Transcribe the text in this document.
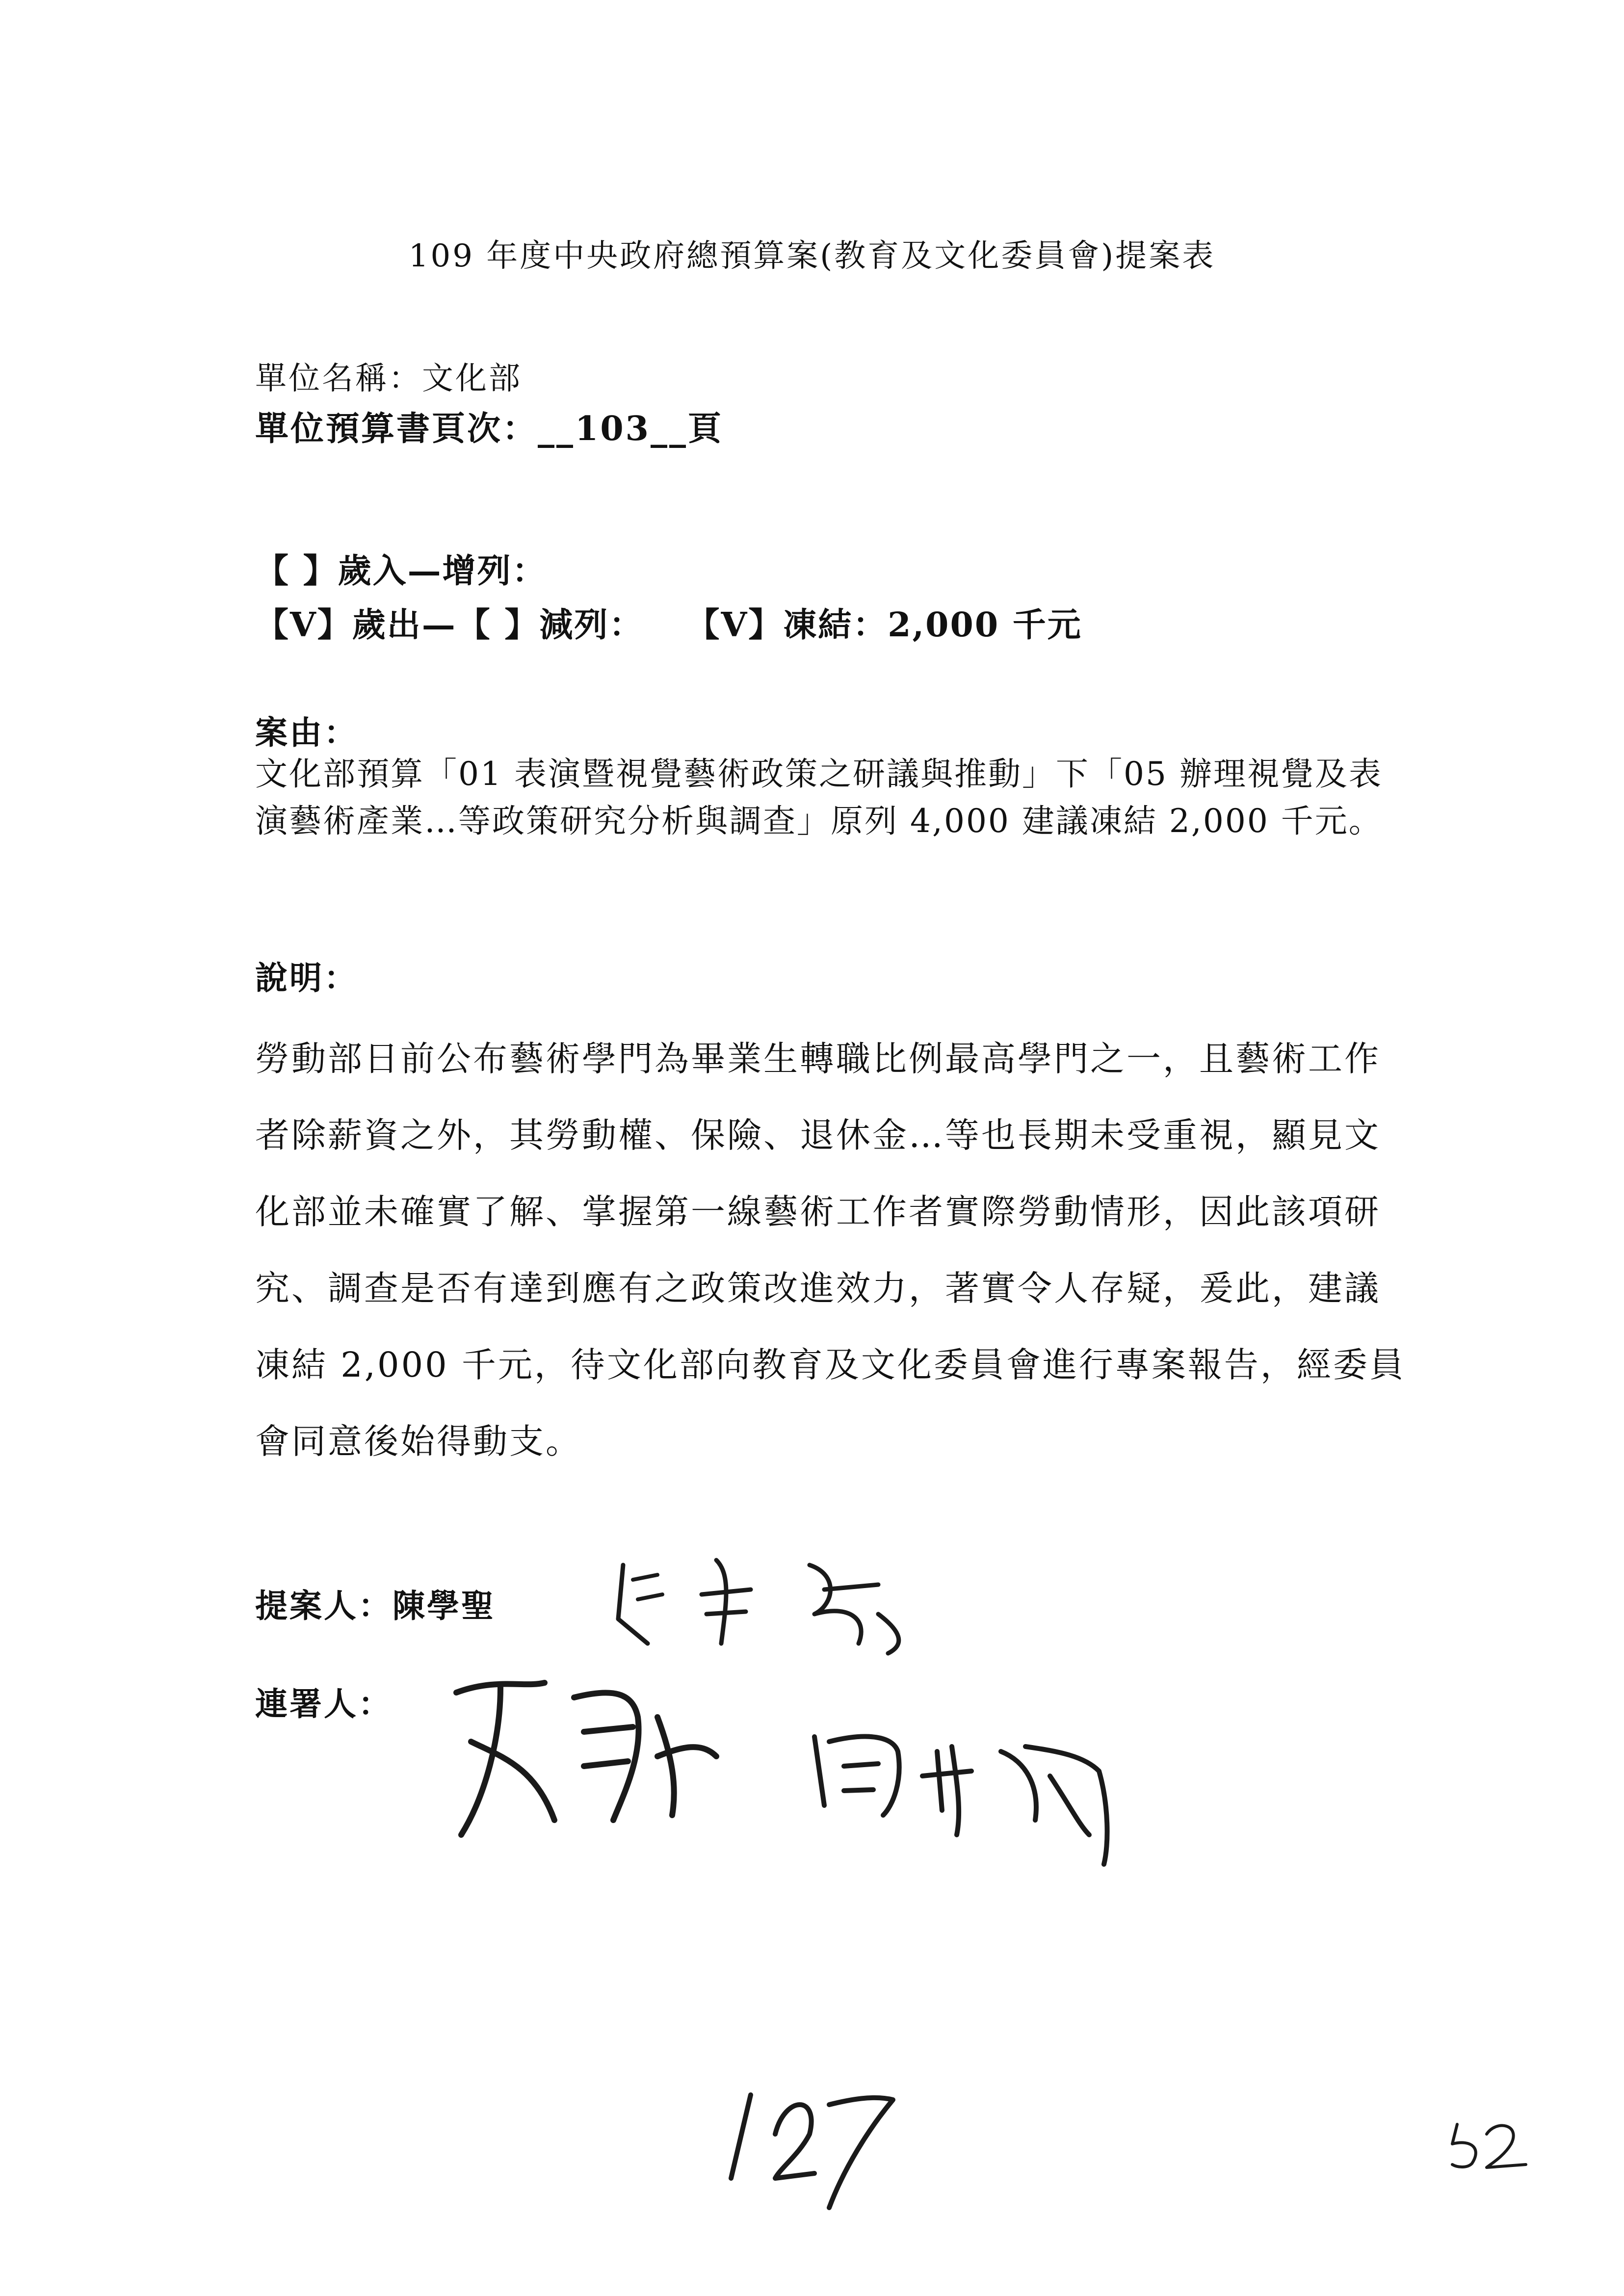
109 年度中央政府總預算案(教育及文化委員會)提案表
單位名稱：文化部
單位預算書頁次：__103__頁
【 】歲入—增列：
【V】歲出—【 】減列： 【V】凍結：2,000 千元
案由：
文化部預算「01 表演暨視覺藝術政策之研議與推動」下「05 辦理視覺及表演藝術產業…等政策研究分析與調查」原列 4,000 建議凍結 2,000 千元。
說明：
勞動部日前公布藝術學門為畢業生轉職比例最高學門之一，且藝術工作者除薪資之外，其勞動權、保險、退休金…等也長期未受重視，顯見文化部並未確實了解、掌握第一線藝術工作者實際勞動情形，因此該項研究、調查是否有達到應有之政策改進效力，著實令人存疑，爰此，建議凍結 2,000 千元，待文化部向教育及文化委員會進行專案報告，經委員會同意後始得動支。
提案人：陳學聖
連署人：
